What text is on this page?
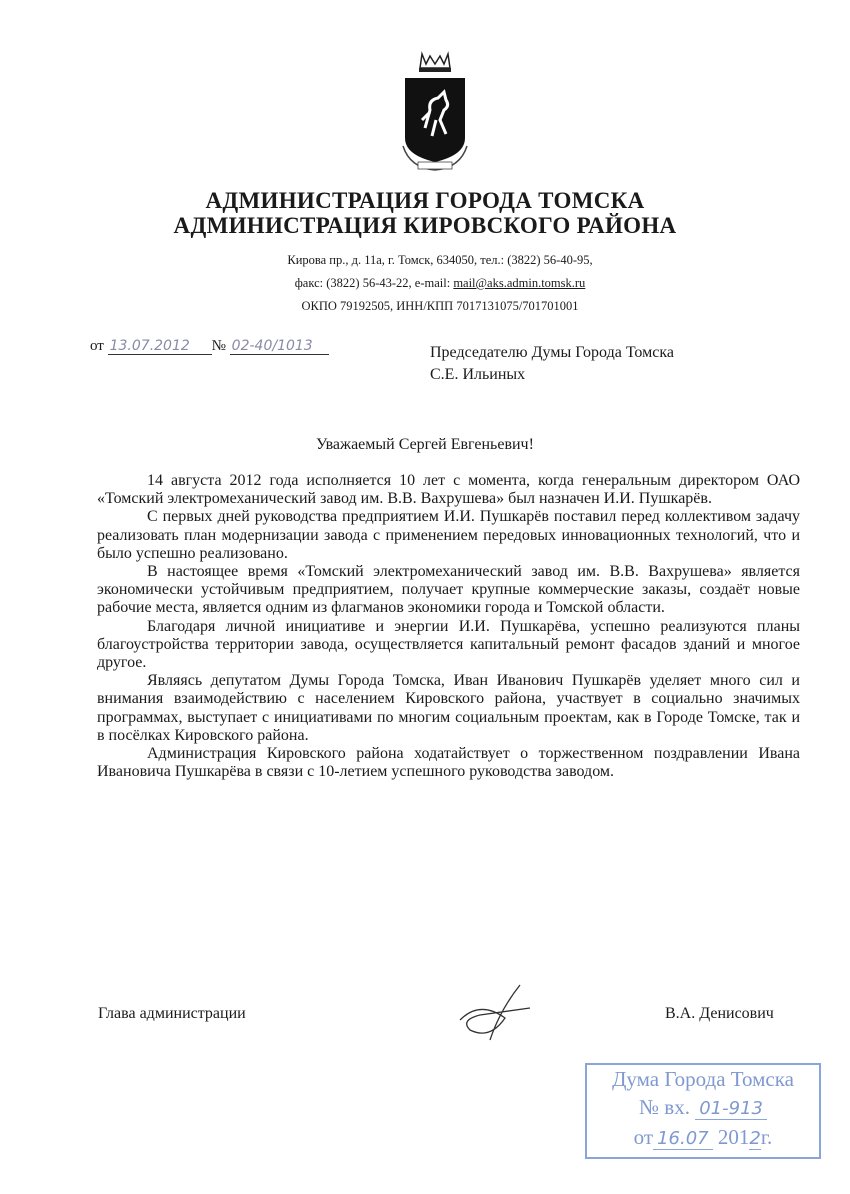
АДМИНИСТРАЦИЯ ГОРОДА ТОМСКА
АДМИНИСТРАЦИЯ КИРОВСКОГО РАЙОНА
Кирова пр., д. 11а, г. Томск, 634050, тел.: (3822) 56-40-95,
факс: (3822) 56-43-22, e-mail: mail@aks.admin.tomsk.ru
ОКПО 79192505, ИНН/КПП 7017131075/701701001
от 13.07.2012 № 02-40/1013	Председателю Думы Города Томска
С.Е. Ильиных
Уважаемый Сергей Евгеньевич!

14 августа 2012 года исполняется 10 лет с момента, когда генеральным директором ОАО «Томский электромеханический завод им. В.В. Вахрушева» был назначен И.И. Пушкарёв.

С первых дней руководства предприятием И.И. Пушкарёв поставил перед коллективом задачу реализовать план модернизации завода с применением передовых инновационных технологий, что и было успешно реализовано.

В настоящее время «Томский электромеханический завод им. В.В. Вахрушева» является экономически устойчивым предприятием, получает крупные коммерческие заказы, создаёт новые рабочие места, является одним из флагманов экономики города и Томской области.

Благодаря личной инициативе и энергии И.И. Пушкарёва, успешно реализуются планы благоустройства территории завода, осуществляется капитальный ремонт фасадов зданий и многое другое.

Являясь депутатом Думы Города Томска, Иван Иванович Пушкарёв уделяет много сил и внимания взаимодействию с населением Кировского района, участвует в социально значимых программах, выступает с инициативами по многим социальным проектам, как в Городе Томске, так и в посёлках Кировского района.

Администрация Кировского района ходатайствует о торжественном поздравлении Ивана Ивановича Пушкарёва в связи с 10-летием успешного руководства заводом.

Глава администрации	В.А. Денисович
Дума Города Томска
№ вх. 01-913
от 16.07 2012г.
